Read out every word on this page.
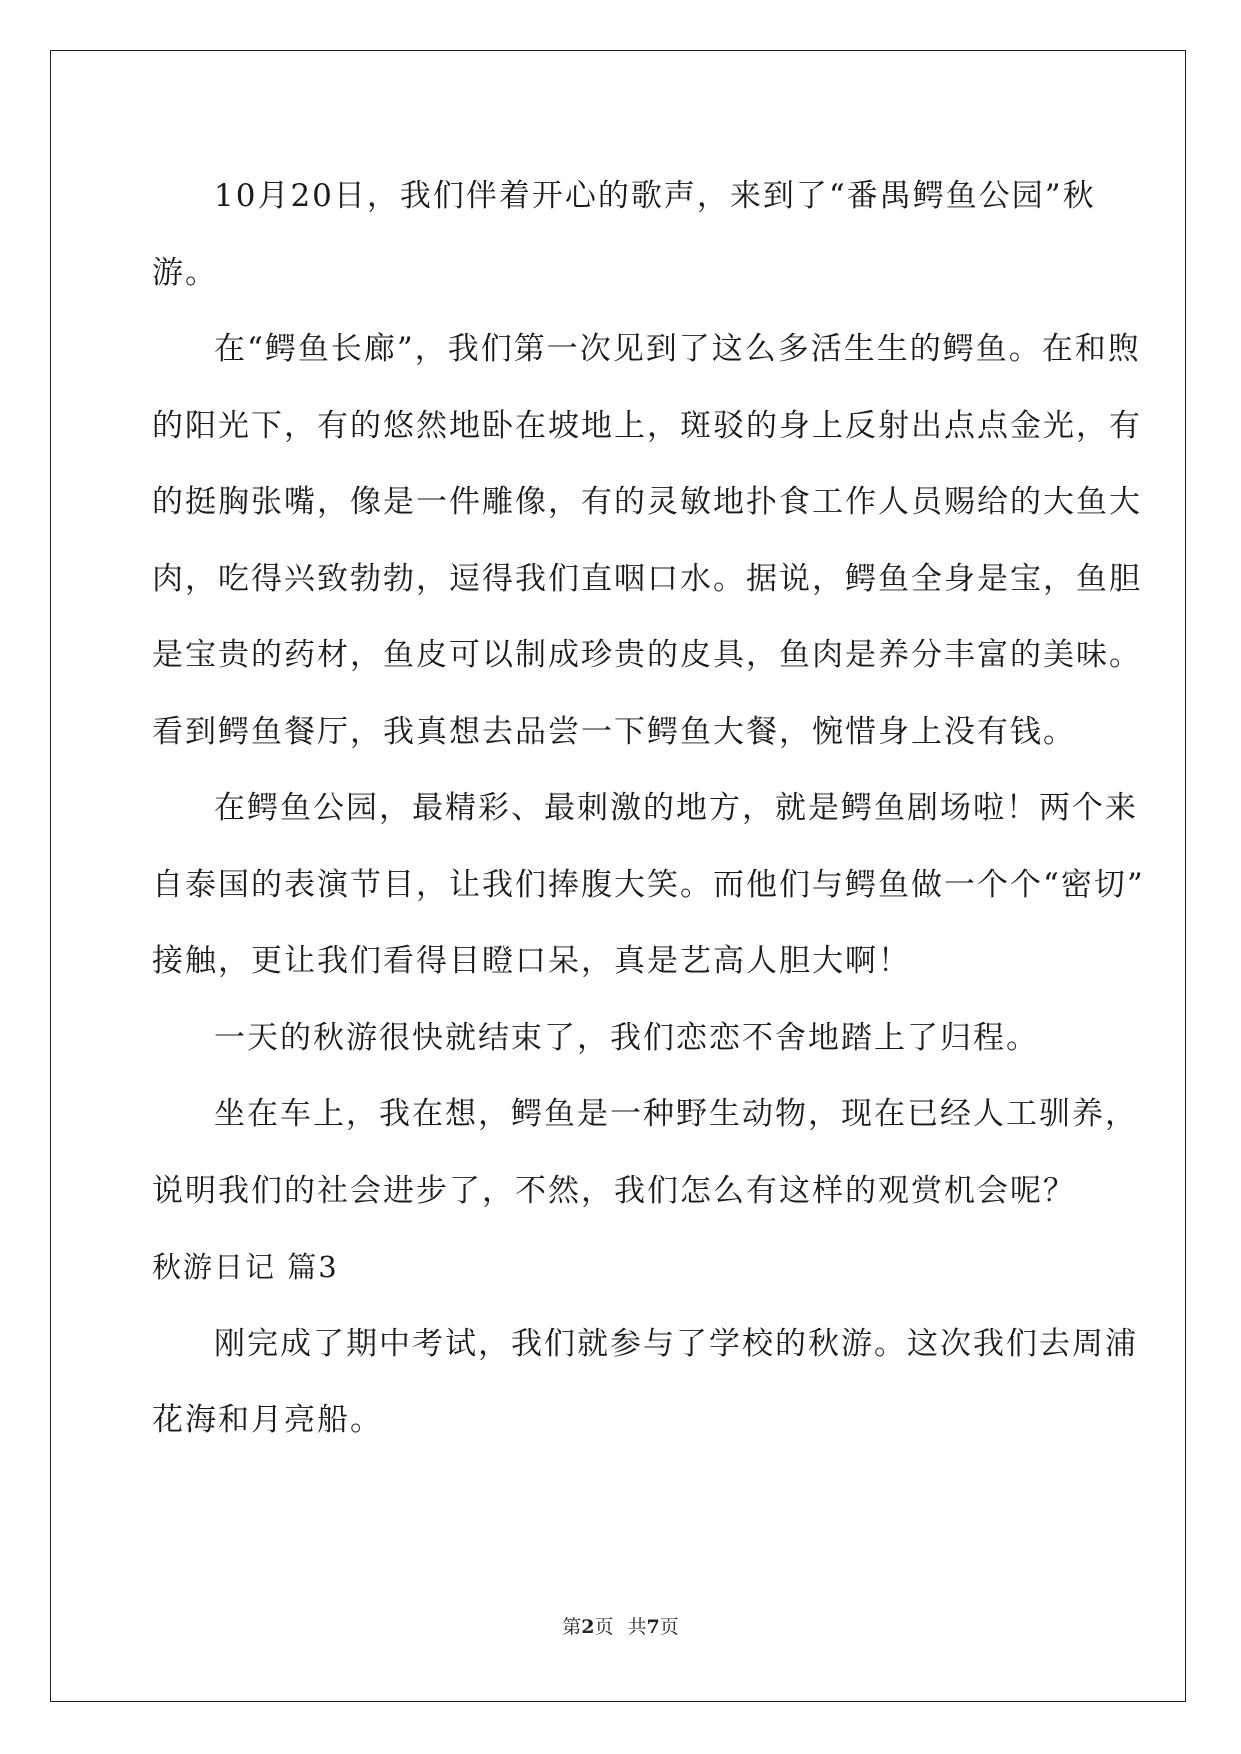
10月20日，我们伴着开心的歌声，来到了“番禺鳄鱼公园”秋
游。

在“鳄鱼长廊”，我们第一次见到了这么多活生生的鳄鱼。在和煦
的阳光下，有的悠然地卧在坡地上，斑驳的身上反射出点点金光，有
的挺胸张嘴，像是一件雕像，有的灵敏地扑食工作人员赐给的大鱼大
肉，吃得兴致勃勃，逗得我们直咽口水。据说，鳄鱼全身是宝，鱼胆
是宝贵的药材，鱼皮可以制成珍贵的皮具，鱼肉是养分丰富的美味。
看到鳄鱼餐厅，我真想去品尝一下鳄鱼大餐，惋惜身上没有钱。

在鳄鱼公园，最精彩、最刺激的地方，就是鳄鱼剧场啦！两个来
自泰国的表演节目，让我们捧腹大笑。而他们与鳄鱼做一个个“密切”
接触，更让我们看得目瞪口呆，真是艺高人胆大啊！

一天的秋游很快就结束了，我们恋恋不舍地踏上了归程。

坐在车上，我在想，鳄鱼是一种野生动物，现在已经人工驯养，
说明我们的社会进步了，不然，我们怎么有这样的观赏机会呢？

秋游日记 篇3

刚完成了期中考试，我们就参与了学校的秋游。这次我们去周浦
花海和月亮船。

第2页 共7页
